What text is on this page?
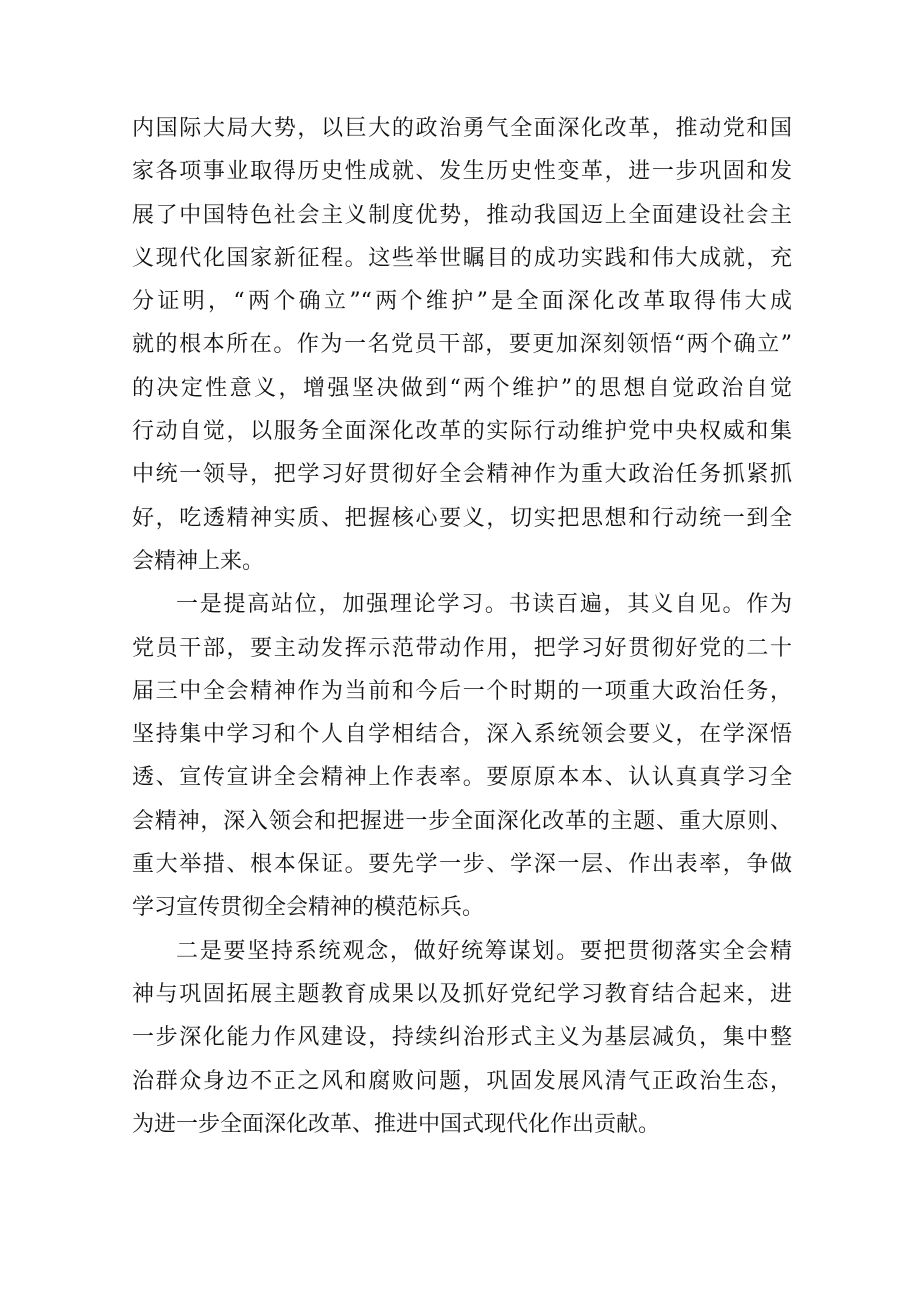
内国际大局大势，以巨大的政治勇气全面深化改革，推动党和国
家各项事业取得历史性成就、发生历史性变革，进一步巩固和发
展了中国特色社会主义制度优势，推动我国迈上全面建设社会主
义现代化国家新征程。这些举世瞩目的成功实践和伟大成就，充
分证明，“两个确立”“两个维护”是全面深化改革取得伟大成
就的根本所在。作为一名党员干部，要更加深刻领悟“两个确立”
的决定性意义，增强坚决做到“两个维护”的思想自觉政治自觉
行动自觉，以服务全面深化改革的实际行动维护党中央权威和集
中统一领导，把学习好贯彻好全会精神作为重大政治任务抓紧抓
好，吃透精神实质、把握核心要义，切实把思想和行动统一到全
会精神上来。
一是提高站位，加强理论学习。书读百遍，其义自见。作为
党员干部，要主动发挥示范带动作用，把学习好贯彻好党的二十
届三中全会精神作为当前和今后一个时期的一项重大政治任务，
坚持集中学习和个人自学相结合，深入系统领会要义，在学深悟
透、宣传宣讲全会精神上作表率。要原原本本、认认真真学习全
会精神，深入领会和把握进一步全面深化改革的主题、重大原则、
重大举措、根本保证。要先学一步、学深一层、作出表率，争做
学习宣传贯彻全会精神的模范标兵。
二是要坚持系统观念，做好统筹谋划。要把贯彻落实全会精
神与巩固拓展主题教育成果以及抓好党纪学习教育结合起来，进
一步深化能力作风建设，持续纠治形式主义为基层减负，集中整
治群众身边不正之风和腐败问题，巩固发展风清气正政治生态，
为进一步全面深化改革、推进中国式现代化作出贡献。
